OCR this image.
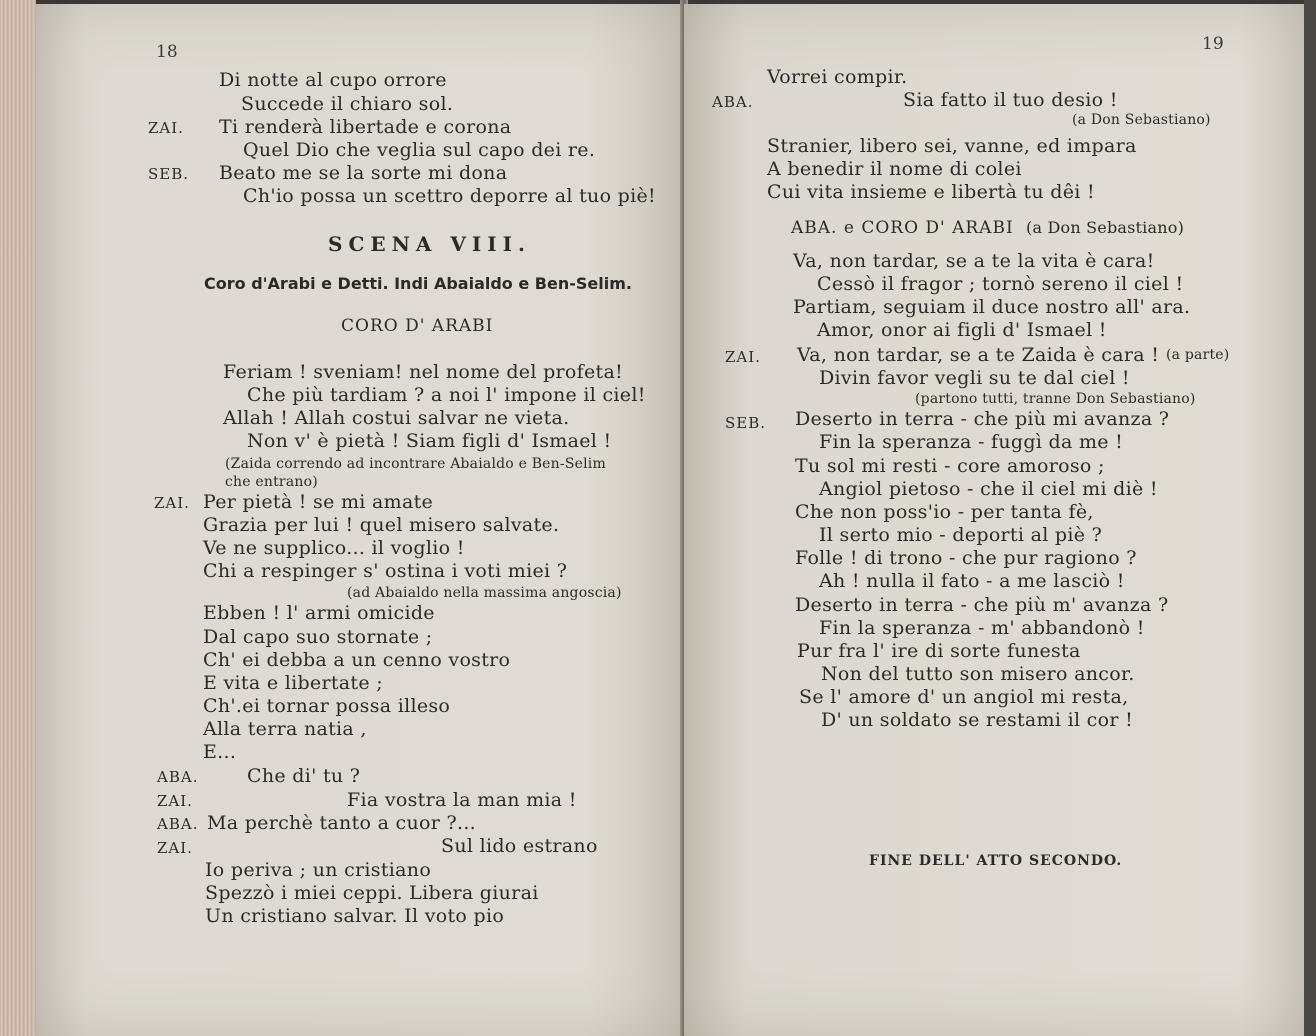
18
Di notte al cupo orrore
Succede il chiaro sol.
ZAI. Ti renderà libertade e corona
Quel Dio che veglia sul capo dei re.
SEB. Beato me se la sorte mi dona
Ch'io possa un scettro deporre al tuo piè!
SCENA VIII.
Coro d'Arabi e Detti. Indi Abaialdo e Ben-Selim.
CORO D' ARABI
Feriam ! sveniam! nel nome del profeta!
Che più tardiam ? a noi l' impone il ciel!
Allah ! Allah costui salvar ne vieta.
Non v' è pietà ! Siam figli d' Ismael !
(Zaida correndo ad incontrare Abaialdo e Ben-Selim
che entrano)
ZAI. Per pietà ! se mi amate
Grazia per lui ! quel misero salvate.
Ve ne supplico... il voglio !
Chi a respinger s' ostina i voti miei ?
(ad Abaialdo nella massima angoscia)
Ebben ! l' armi omicide
Dal capo suo stornate ;
Ch' ei debba a un cenno vostro
E vita e libertate ;
Ch'.ei tornar possa illeso
Alla terra natia ,
E...
ABA.	Che di' tu ?
ZAI.	Fia vostra la man mia !
ABA. Ma perchè tanto a cuor ?...
ZAI.	Sul lido estrano
Io periva ; un cristiano
Spezzò i miei ceppi. Libera giurai
Un cristiano salvar. Il voto pio
19
Vorrei compir.
ABA.	Sia fatto il tuo desio !
(a Don Sebastiano)
Stranier, libero sei, vanne, ed impara
A benedir il nome di colei
Cui vita insieme e libertà tu dêi !
ABA. e CORO D' ARABI (a Don Sebastiano)
Va, non tardar, se a te la vita è cara!
Cessò il fragor ; tornò sereno il ciel !
Partiam, seguiam il duce nostro all' ara.
Amor, onor ai figli d' Ismael !
ZAI. Va, non tardar, se a te Zaida è cara ! (a parte)
Divin favor vegli su te dal ciel !
(partono tutti, tranne Don Sebastiano)
SEB. Deserto in terra - che più mi avanza ?
Fin la speranza - fuggì da me !
Tu sol mi resti - core amoroso ;
Angiol pietoso - che il ciel mi diè !
Che non poss'io - per tanta fè,
Il serto mio - deporti al piè ?
Folle ! di trono - che pur ragiono ?
Ah ! nulla il fato - a me lasciò !
Deserto in terra - che più m' avanza ?
Fin la speranza - m' abbandonò !
Pur fra l' ire di sorte funesta
Non del tutto son misero ancor.
Se l' amore d' un angiol mi resta,
D' un soldato se restami il cor !
FINE DELL' ATTO SECONDO.
